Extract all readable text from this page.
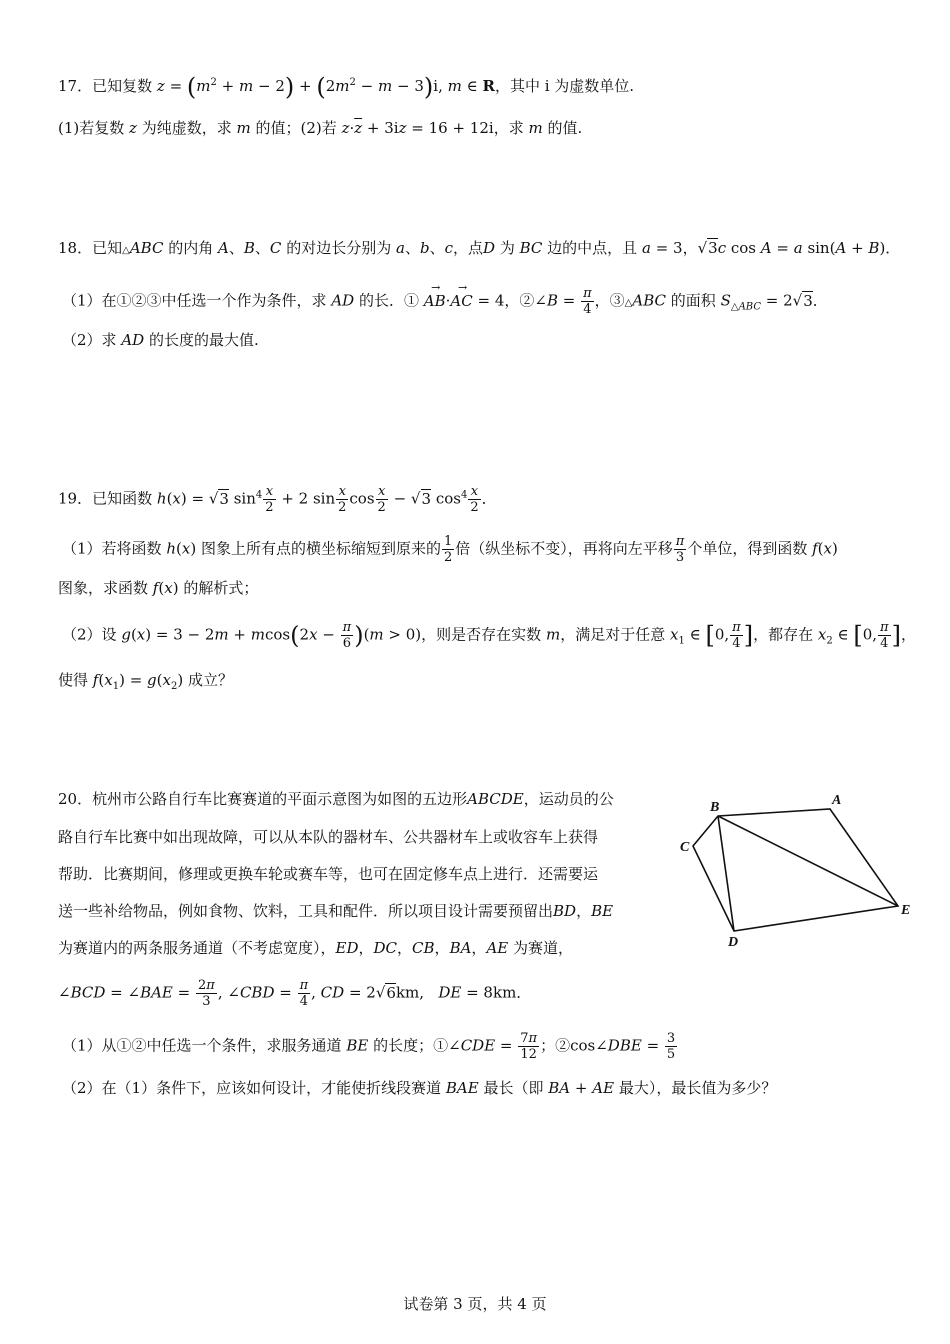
17．已知复数 $z = (m^2 + m - 2) + (2m^2 - m - 3)i$, m ∈ R，其中 i 为虚数单位.
(1)若复数 z 为纯虚数，求 m 的值；(2)若 $z\cdot\overline{z} + 3iz = 16 + 12i$，求 m 的值.
18．已知△ABC 的内角 A、B、C 的对边长分别为 a、b、c，点D 为 BC 边的中点，且 a = 3，√3c cos A = a sin(A + B)．
（1）在①②③中任选一个作为条件，求 AD 的长．① → AB·→ AC = 4，②∠B = $\frac{\pi}{4}$ ，③△ABC 的面积 $S_{\triangle ABC} = 2√3$．
（2）求 AD 的长度的最大值.
19．已知函数 h(x) = √3 $\sin^4 \frac{x}{2} + 2$ $\sin \frac{x}{2}$ $\cos \frac{x}{2} - √3$ $\cos^4 \frac{x}{2}$ ．
（1）若将函数 h(x) 图象上所有点的横坐标缩短到原来的 $\frac{1}{2}$ 倍（纵坐标不变），再将向左平移 $\frac{\pi}{3}$ 个单位，得到函数 f(x)
图象，求函数 f(x) 的解析式；
（2）设 $g(x) = 3 - 2m + mcos(2x - \frac{\pi}{6} )(m > 0)$，则是否存在实数 m，满足对于任意 $x_1$ ∈ [0, $\frac{\pi}{4}$ ]，都存在 $x_2$ ∈ [0, $\frac{\pi}{4}$ ]，
使得 $f(x_1) = g(x_2)$ 成立？
20．杭州市公路自行车比赛赛道的平面示意图为如图的五边形ABCDE，运动员的公
路自行车比赛中如出现故障，可以从本队的器材车、公共器材车上或收容车上获得
帮助．比赛期间，修理或更换车轮或赛车等，也可在固定修车点上进行．还需要运
送一些补给物品，例如食物、饮料，工具和配件．所以项目设计需要预留出BD，BE
为赛道内的两条服务通道（不考虑宽度），ED，DC，CB，BA，AE 为赛道，
∠BCD = ∠BAE = $\frac{2\pi}{3}$ , ∠CBD = $\frac{\pi}{4}$ , CD = 2√6km,   DE = 8km．
（1）从①②中任选一个条件，求服务通道 BE 的长度；①∠CDE = $\frac{7\pi}{12}$ ；②cos∠DBE = $\frac{3}{5}$
（2）在（1）条件下，应该如何设计，才能使折线段赛道 BAE 最长（即 BA + AE 最大），最长值为多少？
A
B
C
D
E
试卷第 3 页，共 4 页
